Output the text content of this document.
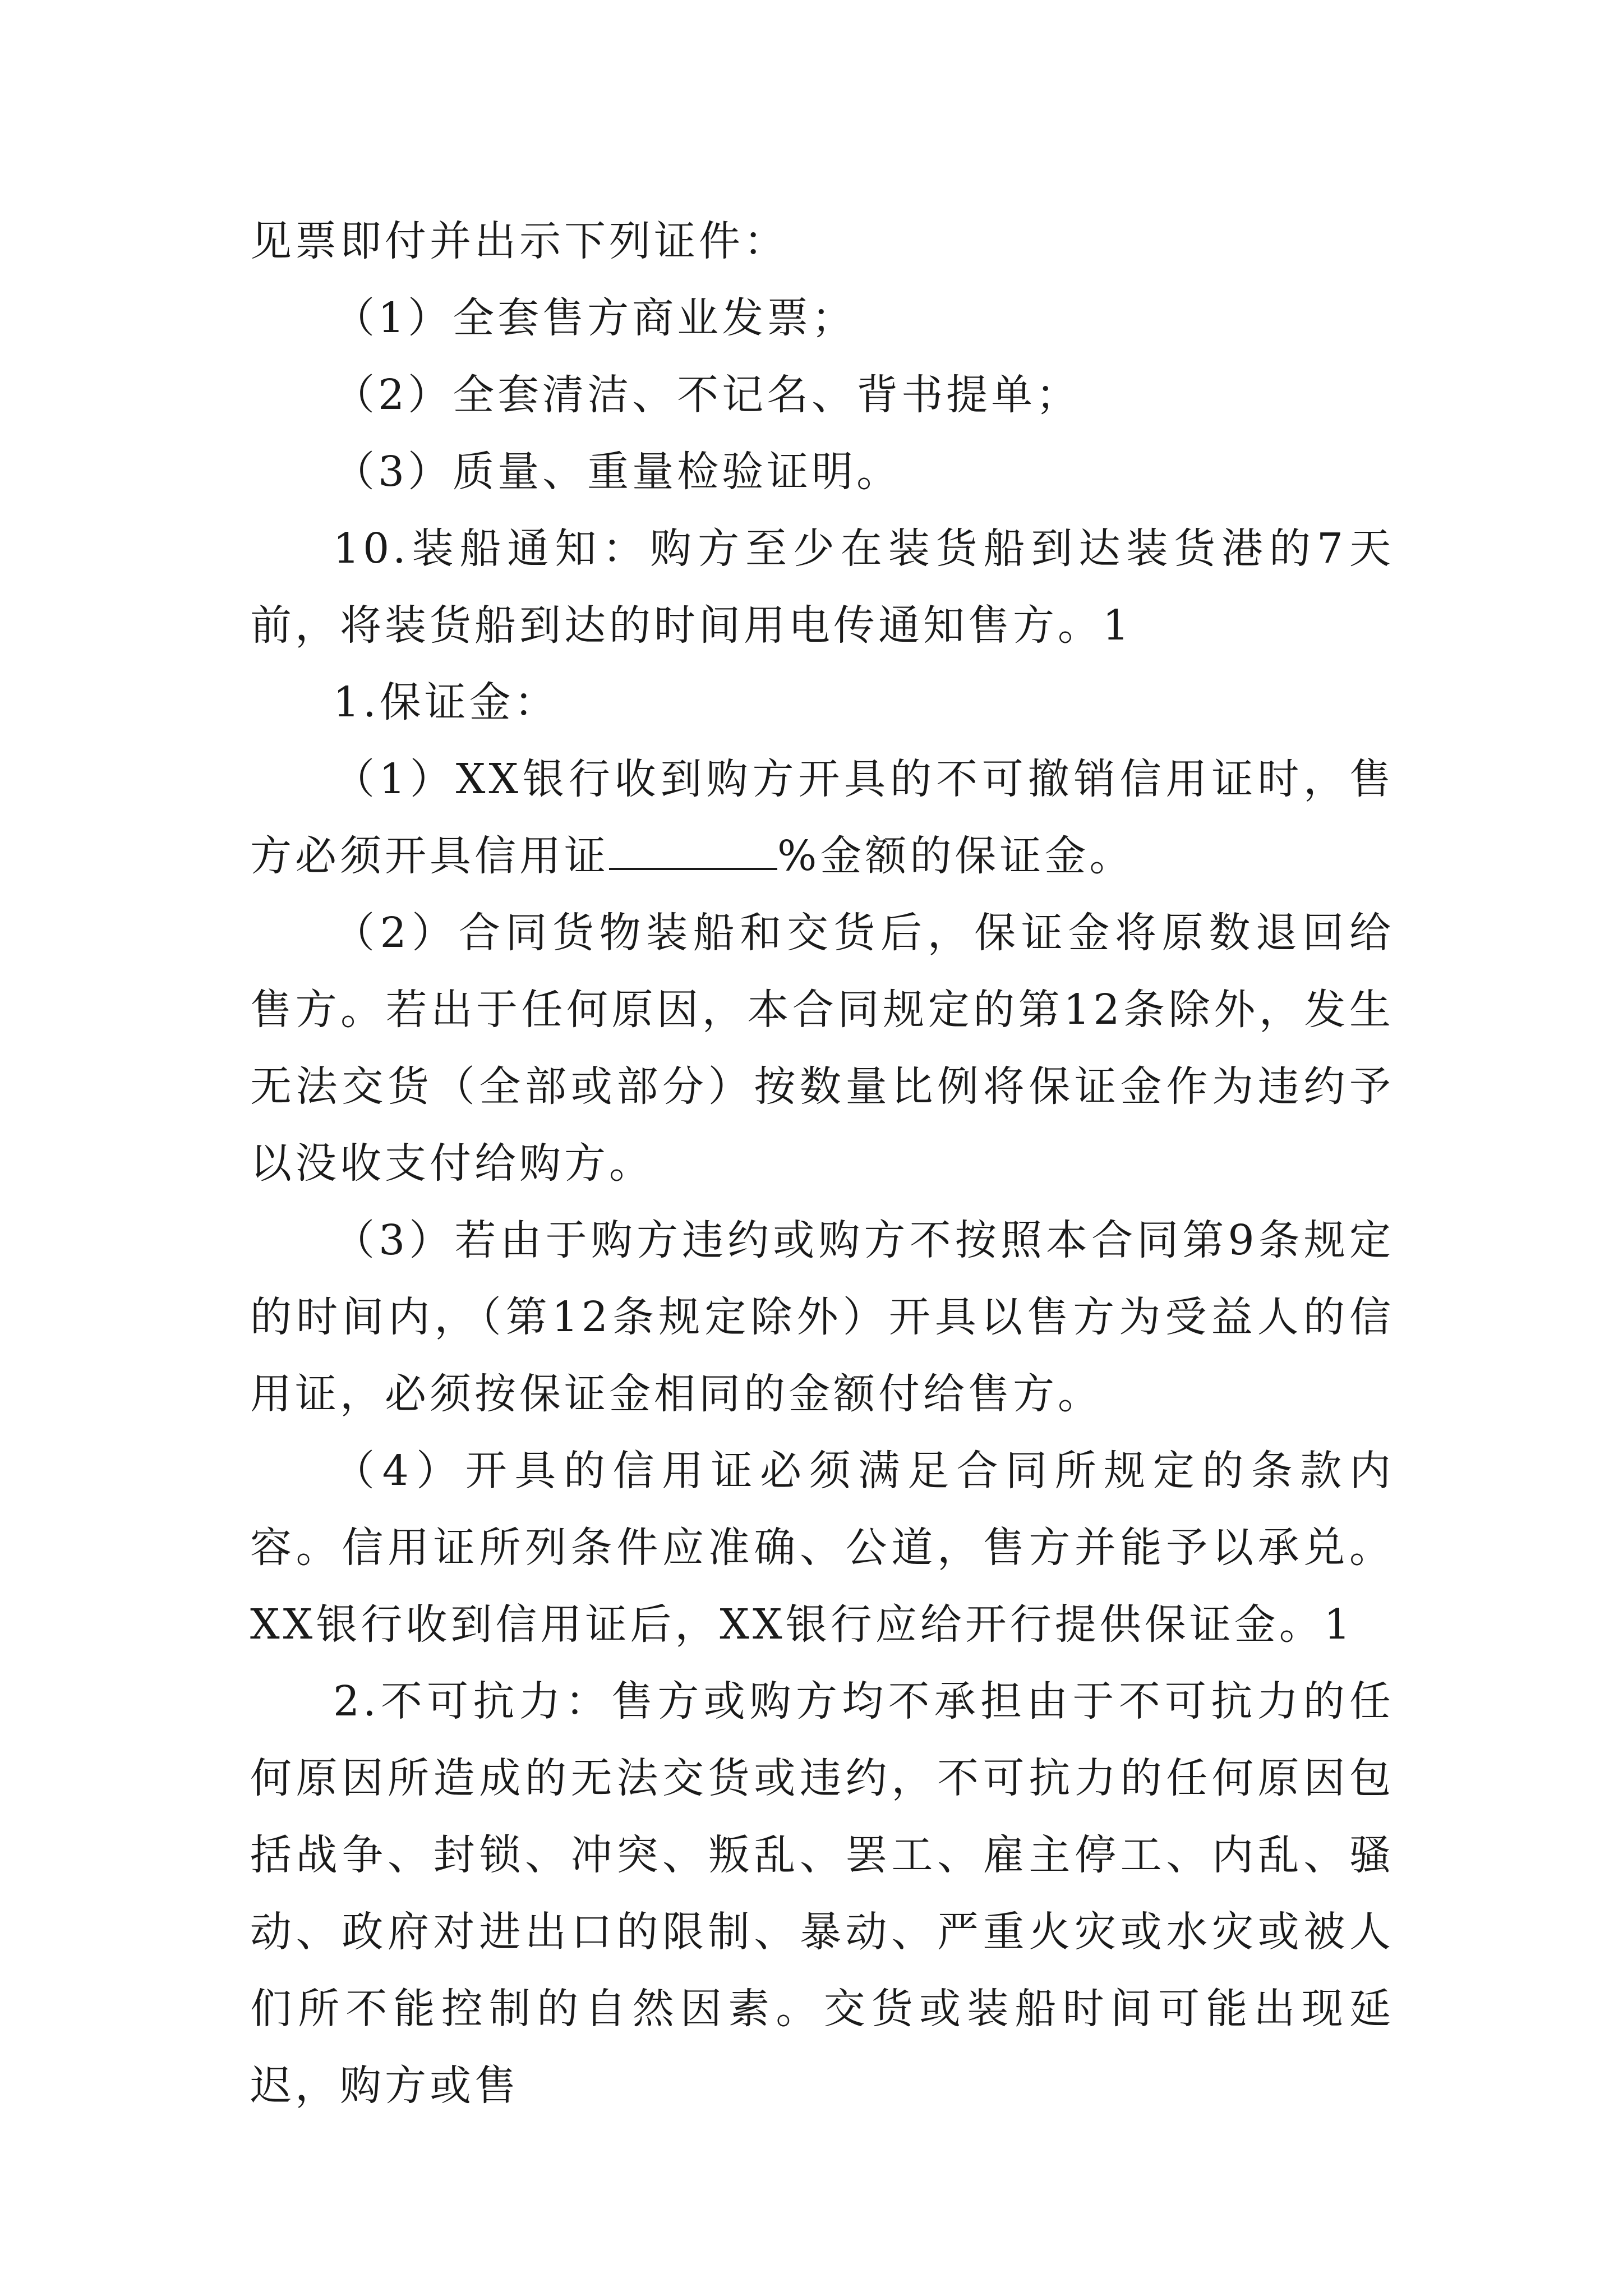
见票即付并出示下列证件：

（1）全套售方商业发票；

（2）全套清洁、不记名、背书提单；

（3）质量、重量检验证明。

10.装船通知：购方至少在装货船到达装货港的7天前，将装货船到达的时间用电传通知售方。1

1.保证金：

（1）XX银行收到购方开具的不可撤销信用证时，售方必须开具信用证	%金额的保证金。

（2）合同货物装船和交货后，保证金将原数退回给售方。若出于任何原因，本合同规定的第12条除外，发生无法交货（全部或部分）按数量比例将保证金作为违约予以没收支付给购方。

（3）若由于购方违约或购方不按照本合同第9条规定的时间内，（第12条规定除外）开具以售方为受益人的信用证，必须按保证金相同的金额付给售方。

（4）开具的信用证必须满足合同所规定的条款内容。信用证所列条件应准确、公道，售方并能予以承兑。XX银行收到信用证后，XX银行应给开行提供保证金。1

2.不可抗力：售方或购方均不承担由于不可抗力的任何原因所造成的无法交货或违约，不可抗力的任何原因包括战争、封锁、冲突、叛乱、罢工、雇主停工、内乱、骚动、政府对进出口的限制、暴动、严重火灾或水灾或被人们所不能控制的自然因素。交货或装船时间可能出现延迟，购方或售
